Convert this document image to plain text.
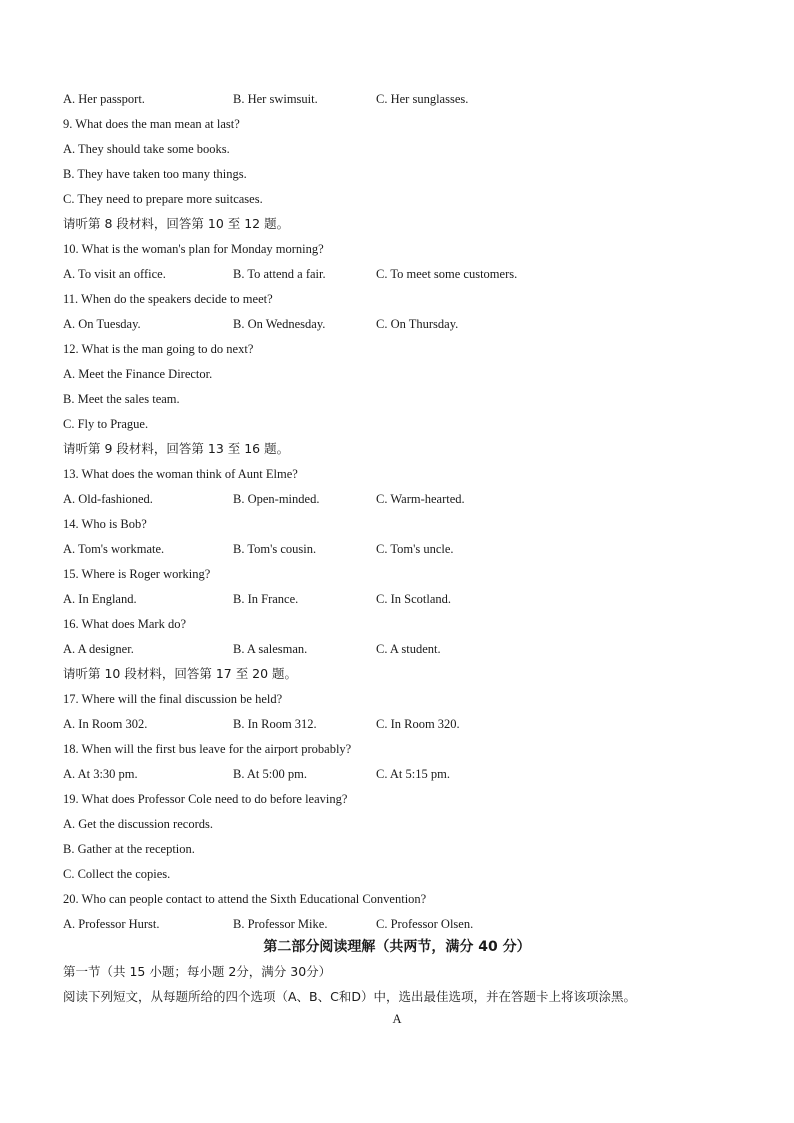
A. Her passport.	B. Her swimsuit.	C. Her sunglasses.
9. What does the man mean at last?
A. They should take some books.
B. They have taken too many things.
C. They need to prepare more suitcases.
请听第 8 段材料，回答第 10 至 12 题。
10. What is the woman's plan for Monday morning?
A. To visit an office.	B. To attend a fair.	C. To meet some customers.
11. When do the speakers decide to meet?
A. On Tuesday.	B. On Wednesday.	C. On Thursday.
12. What is the man going to do next?
A. Meet the Finance Director.
B. Meet the sales team.
C. Fly to Prague.
请听第 9 段材料，回答第 13 至 16 题。
13. What does the woman think of Aunt Elme?
A. Old-fashioned.	B. Open-minded.	C. Warm-hearted.
14. Who is Bob?
A. Tom's workmate.	B. Tom's cousin.	C. Tom's uncle.
15. Where is Roger working?
A. In England.	B. In France.	C. In Scotland.
16. What does Mark do?
A. A designer.	B. A salesman.	C. A student.
请听第 10 段材料，回答第 17 至 20 题。
17. Where will the final discussion be held?
A. In Room 302.	B. In Room 312.	C. In Room 320.
18. When will the first bus leave for the airport probably?
A. At 3:30 pm.	B. At 5:00 pm.	C. At 5:15 pm.
19. What does Professor Cole need to do before leaving?
A. Get the discussion records.
B. Gather at the reception.
C. Collect the copies.
20. Who can people contact to attend the Sixth Educational Convention?
A. Professor Hurst.	B. Professor Mike.	C. Professor Olsen.
第二部分阅读理解（共两节，满分 40 分）
第一节（共 15 小题；每小题 2分，满分 30分）
阅读下列短文，从每题所给的四个选项（A、B、C和D）中，选出最佳选项，并在答题卡上将该项涂黑。
A
